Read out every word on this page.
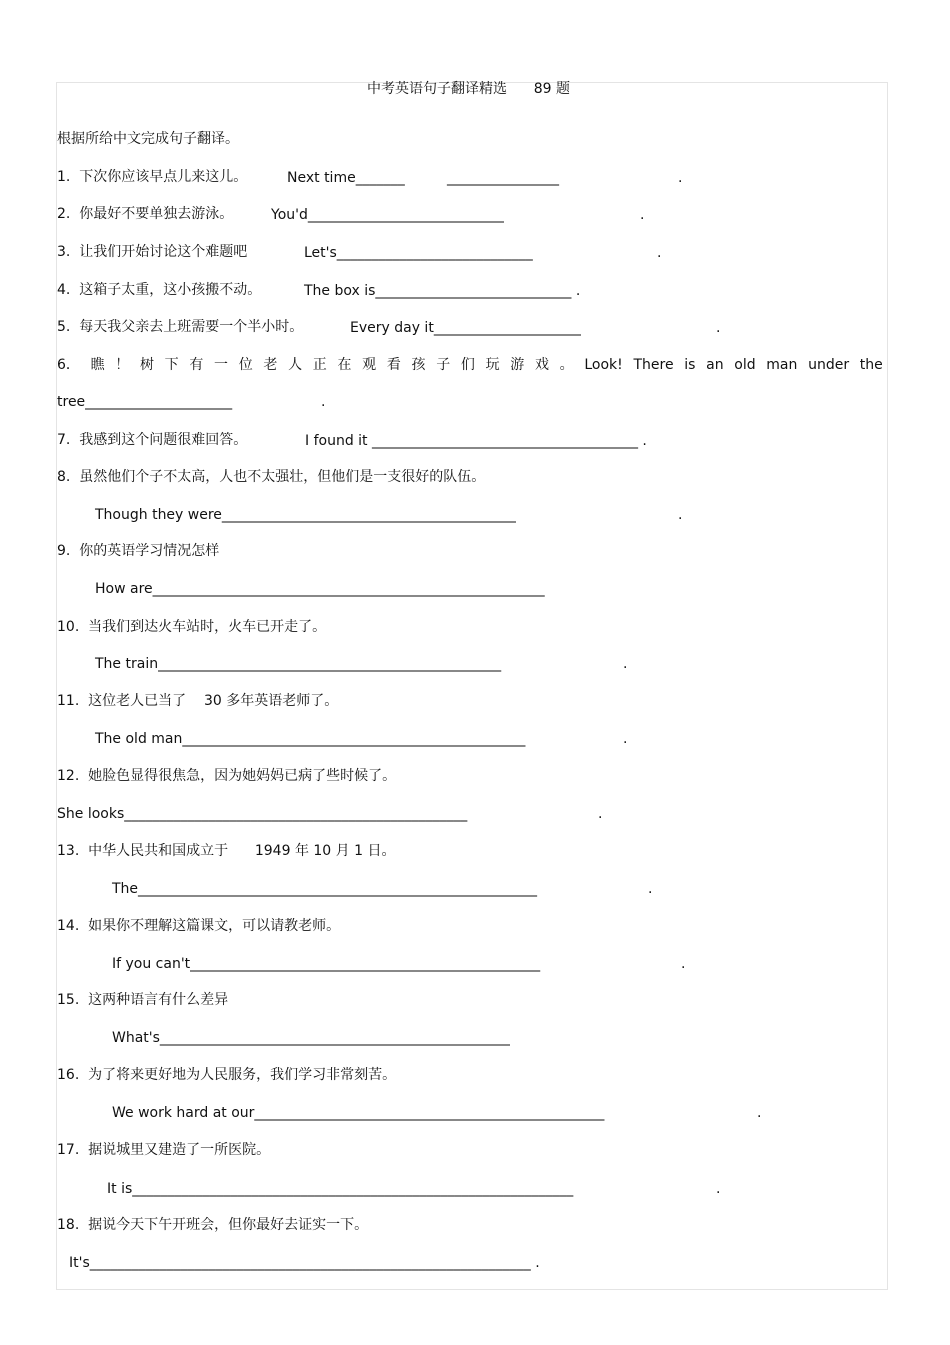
中考英语句子翻译精选      89 题
根据所给中文完成句子翻译。
1.  下次你应该早点儿来这儿。	Next time_______	________________	.
2.  你最好不要单独去游泳。	You'd____________________________	.
3.  让我们开始讨论这个难题吧	Let's____________________________	.
4.  这箱子太重，这小孩搬不动。	The box is____________________________ .
5.  每天我父亲去上班需要一个半小时。	Every day it_____________________	.
6． 瞧 ！ 树 下 有 一 位 老 人 正 在 观 看 孩 子 们 玩 游 戏 。 Look! There is an old man under the
tree_____________________	.
7.  我感到这个问题很难回答。	I found it ______________________________________ .
8.  虽然他们个子不太高，人也不太强壮，但他们是一支很好的队伍。
Though they were__________________________________________	.
9.  你的英语学习情况怎样
How are________________________________________________________
10.  当我们到达火车站时，火车已开走了。
The train_________________________________________________	.
11.  这位老人已当了    30 多年英语老师了。
The old man_________________________________________________	.
12.  她脸色显得很焦急，因为她妈妈已病了些时候了。
She looks_________________________________________________	.
13.  中华人民共和国成立于      1949 年 10 月 1 日。
The_________________________________________________________	.
14.  如果你不理解这篇课文，可以请教老师。
If you can't__________________________________________________	.
15.  这两种语言有什么差异
What's__________________________________________________
16.  为了将来更好地为人民服务，我们学习非常刻苦。
We work hard at our__________________________________________________	.
17.  据说城里又建造了一所医院。
It is_______________________________________________________________	.
18.  据说今天下午开班会，但你最好去证实一下。
It's_______________________________________________________________ .
